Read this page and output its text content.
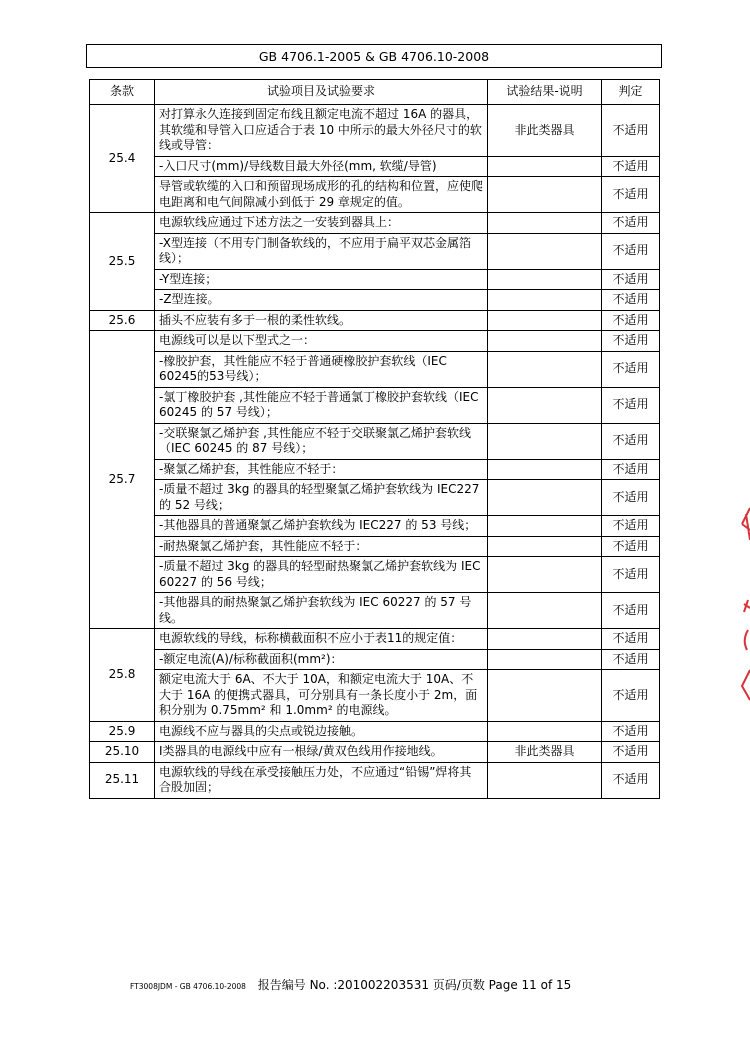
GB 4706.1-2005 & GB 4706.10-2008
条款	试验项目及试验要求	试验结果-说明	判定
25.4	对打算永久连接到固定布线且额定电流不超过 16A 的器具，其软缆和导管入口应适合于表 10 中所示的最大外径尺寸的软线或导管：	非此类器具	不适用
	-入口尺寸(mm)/导线数目最大外径(mm, 软缆/导管)		不适用
	导管或软缆的入口和预留现场成形的孔的结构和位置，应使爬电距离和电气间隙减小到低于 29 章规定的值。		不适用
25.5	电源软线应通过下述方法之一安装到器具上：		不适用
	-X型连接（不用专门制备软线的，不应用于扁平双芯金属箔线）；		不适用
	-Y型连接；		不适用
	-Z型连接。		不适用
25.6	插头不应装有多于一根的柔性软线。		不适用
25.7	电源线可以是以下型式之一：		不适用
	-橡胶护套，其性能应不轻于普通硬橡胶护套软线（IEC 60245的53号线）；		不适用
	-氯丁橡胶护套 ,其性能应不轻于普通氯丁橡胶护套软线（IEC 60245 的 57 号线）；		不适用
	-交联聚氯乙烯护套 ,其性能应不轻于交联聚氯乙烯护套软线（IEC 60245 的 87 号线）；		不适用
	-聚氯乙烯护套，其性能应不轻于：		不适用
	-质量不超过 3kg 的器具的轻型聚氯乙烯护套软线为 IEC227 的 52 号线；		不适用
	-其他器具的普通聚氯乙烯护套软线为 IEC227 的 53 号线；		不适用
	-耐热聚氯乙烯护套，其性能应不轻于：		不适用
	-质量不超过 3kg 的器具的轻型耐热聚氯乙烯护套软线为 IEC 60227 的 56 号线；		不适用
	-其他器具的耐热聚氯乙烯护套软线为 IEC 60227 的 57 号线。		不适用
25.8	电源软线的导线，标称横截面积不应小于表11的规定值：		不适用
	-额定电流(A)/标称截面积(mm²)：		不适用
	额定电流大于 6A、不大于 10A，和额定电流大于 10A、不大于 16A 的便携式器具，可分别具有一条长度小于 2m，面积分别为 0.75mm² 和 1.0mm² 的电源线。		不适用
25.9	电源线不应与器具的尖点或锐边接触。		不适用
25.10	Ⅰ类器具的电源线中应有一根绿/黄双色线用作接地线。	非此类器具	不适用
25.11	电源软线的导线在承受接触压力处，不应通过“铅锡”焊将其合股加固；		不适用
FT3008JDM - GB 4706.10-2008 报告编号 No. :201002203531 页码/页数 Page 11 of 15
